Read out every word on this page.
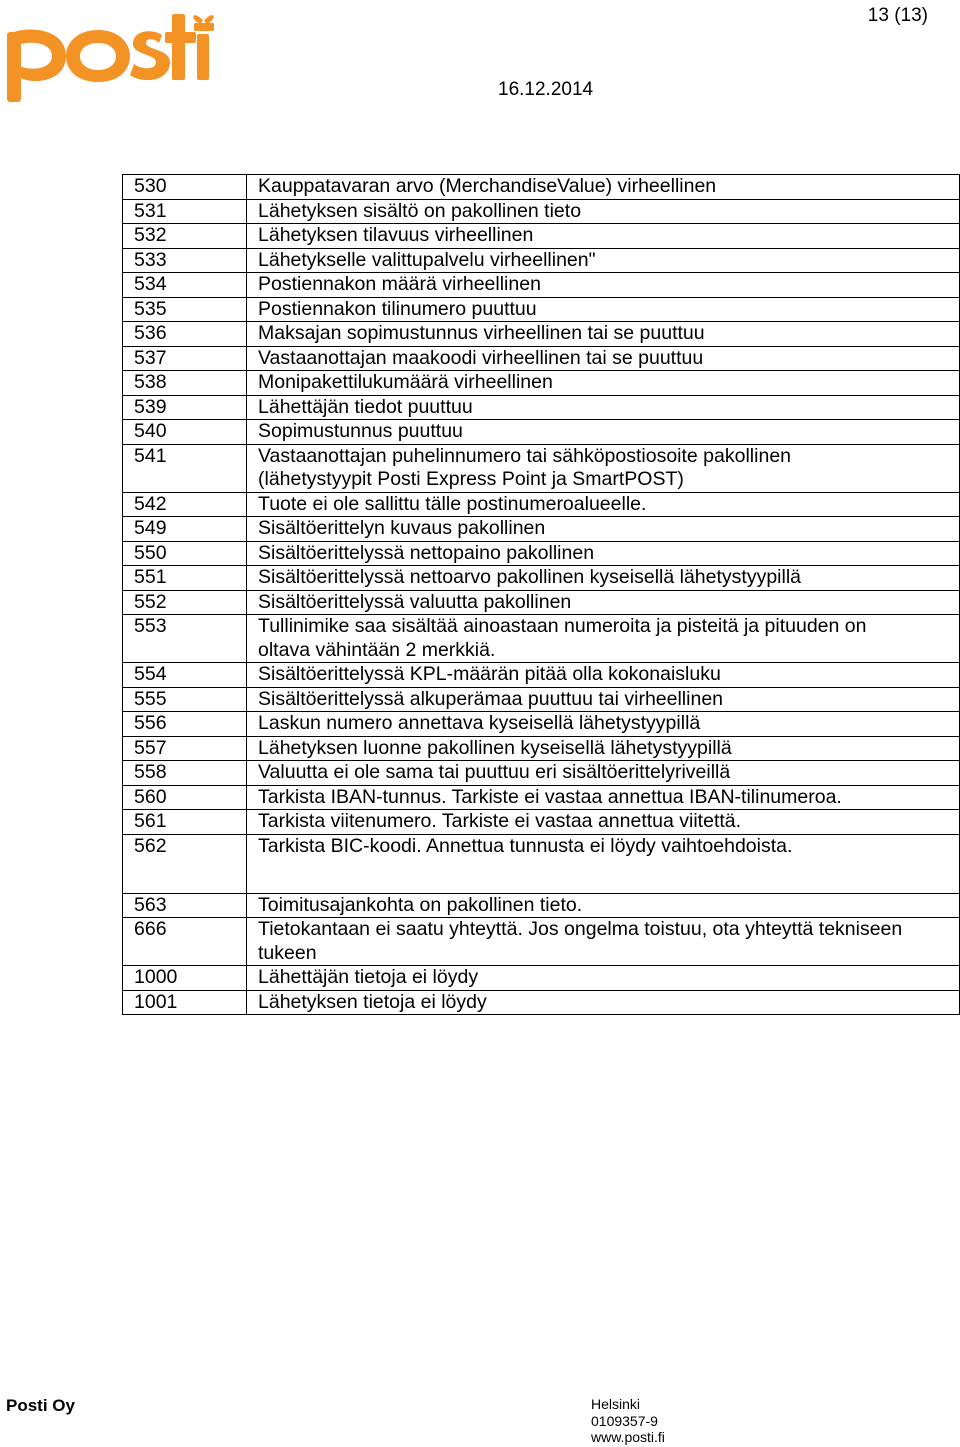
13 (13)
16.12.2014
530	Kauppatavaran arvo (MerchandiseValue) virheellinen
531	Lähetyksen sisältö on pakollinen tieto
532	Lähetyksen tilavuus virheellinen
533	Lähetykselle valittupalvelu virheellinen"
534	Postiennakon määrä virheellinen
535	Postiennakon tilinumero puuttuu
536	Maksajan sopimustunnus virheellinen tai se puuttuu
537	Vastaanottajan maakoodi virheellinen tai se puuttuu
538	Monipakettilukumäärä virheellinen
539	Lähettäjän tiedot puuttuu
540	Sopimustunnus puuttuu
541	Vastaanottajan puhelinnumero tai sähköpostiosoite pakollinen
(lähetystyypit Posti Express Point ja SmartPOST)
542	Tuote ei ole sallittu tälle postinumeroalueelle.
549	Sisältöerittelyn kuvaus pakollinen
550	Sisältöerittelyssä nettopaino pakollinen
551	Sisältöerittelyssä nettoarvo pakollinen kyseisellä lähetystyypillä
552	Sisältöerittelyssä valuutta pakollinen
553	Tullinimike saa sisältää ainoastaan numeroita ja pisteitä ja pituuden on
oltava vähintään 2 merkkiä.
554	Sisältöerittelyssä KPL-määrän pitää olla kokonaisluku
555	Sisältöerittelyssä alkuperämaa puuttuu tai virheellinen
556	Laskun numero annettava kyseisellä lähetystyypillä
557	Lähetyksen luonne pakollinen kyseisellä lähetystyypillä
558	Valuutta ei ole sama tai puuttuu eri sisältöerittelyriveillä
560	Tarkista IBAN-tunnus. Tarkiste ei vastaa annettua IBAN-tilinumeroa.
561	Tarkista viitenumero. Tarkiste ei vastaa annettua viitettä.
562	Tarkista BIC-koodi. Annettua tunnusta ei löydy vaihtoehdoista.
563	Toimitusajankohta on pakollinen tieto.
666	Tietokantaan ei saatu yhteyttä. Jos ongelma toistuu, ota yhteyttä tekniseen
tukeen
1000	Lähettäjän tietoja ei löydy
1001	Lähetyksen tietoja ei löydy
Posti Oy	Helsinki
0109357-9
www.posti.fi
